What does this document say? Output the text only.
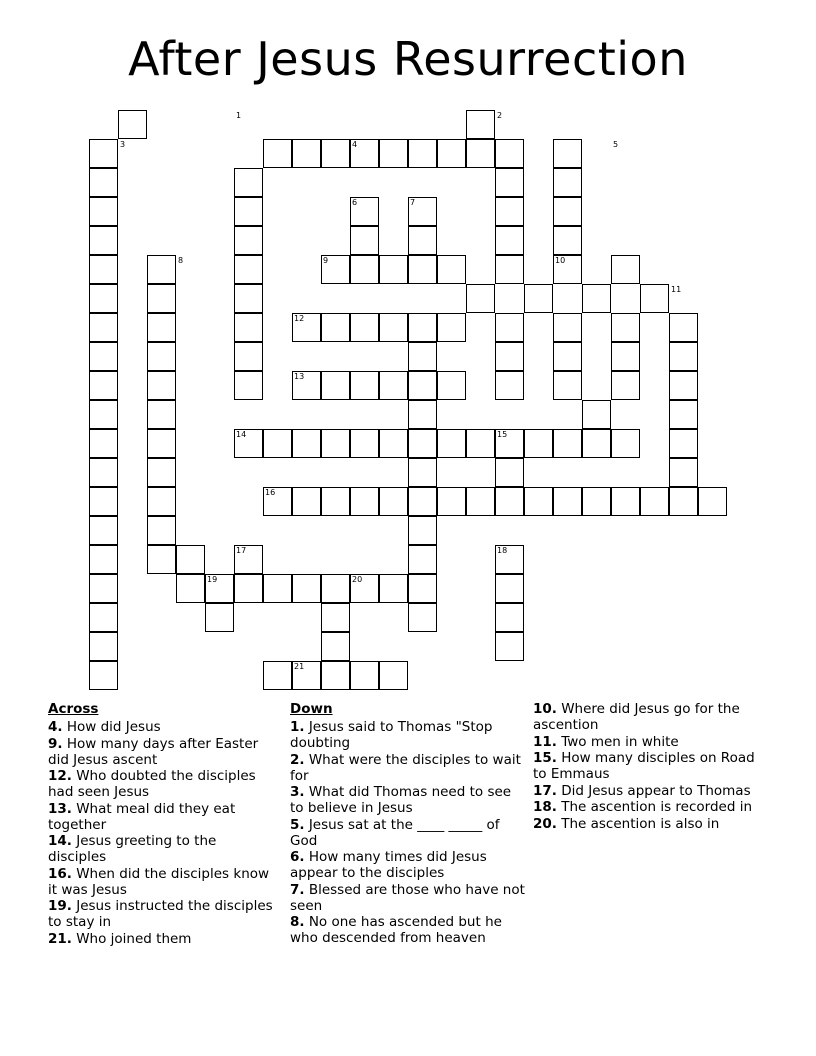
After Jesus Resurrection
1	2
3	4	5
6	7
8	9	10
11
12
13
14	15
16
17	18
19	20
21
Across
4. How did Jesus
9. How many days after Easter did Jesus ascent
12. Who doubted the disciples had seen Jesus
13. What meal did they eat together
14. Jesus greeting to the disciples
16. When did the disciples know it was Jesus
19. Jesus instructed the disciples to stay in
21. Who joined them
Down
1. Jesus said to Thomas "Stop doubting
2. What were the disciples to wait for
3. What did Thomas need to see to believe in Jesus
5. Jesus sat at the ____ _____ of God
6. How many times did Jesus appear to the disciples
7. Blessed are those who have not seen
8. No one has ascended but he who descended from heaven
10. Where did Jesus go for the ascention
11. Two men in white
15. How many disciples on Road to Emmaus
17. Did Jesus appear to Thomas
18. The ascention is recorded in
20. The ascention is also in
